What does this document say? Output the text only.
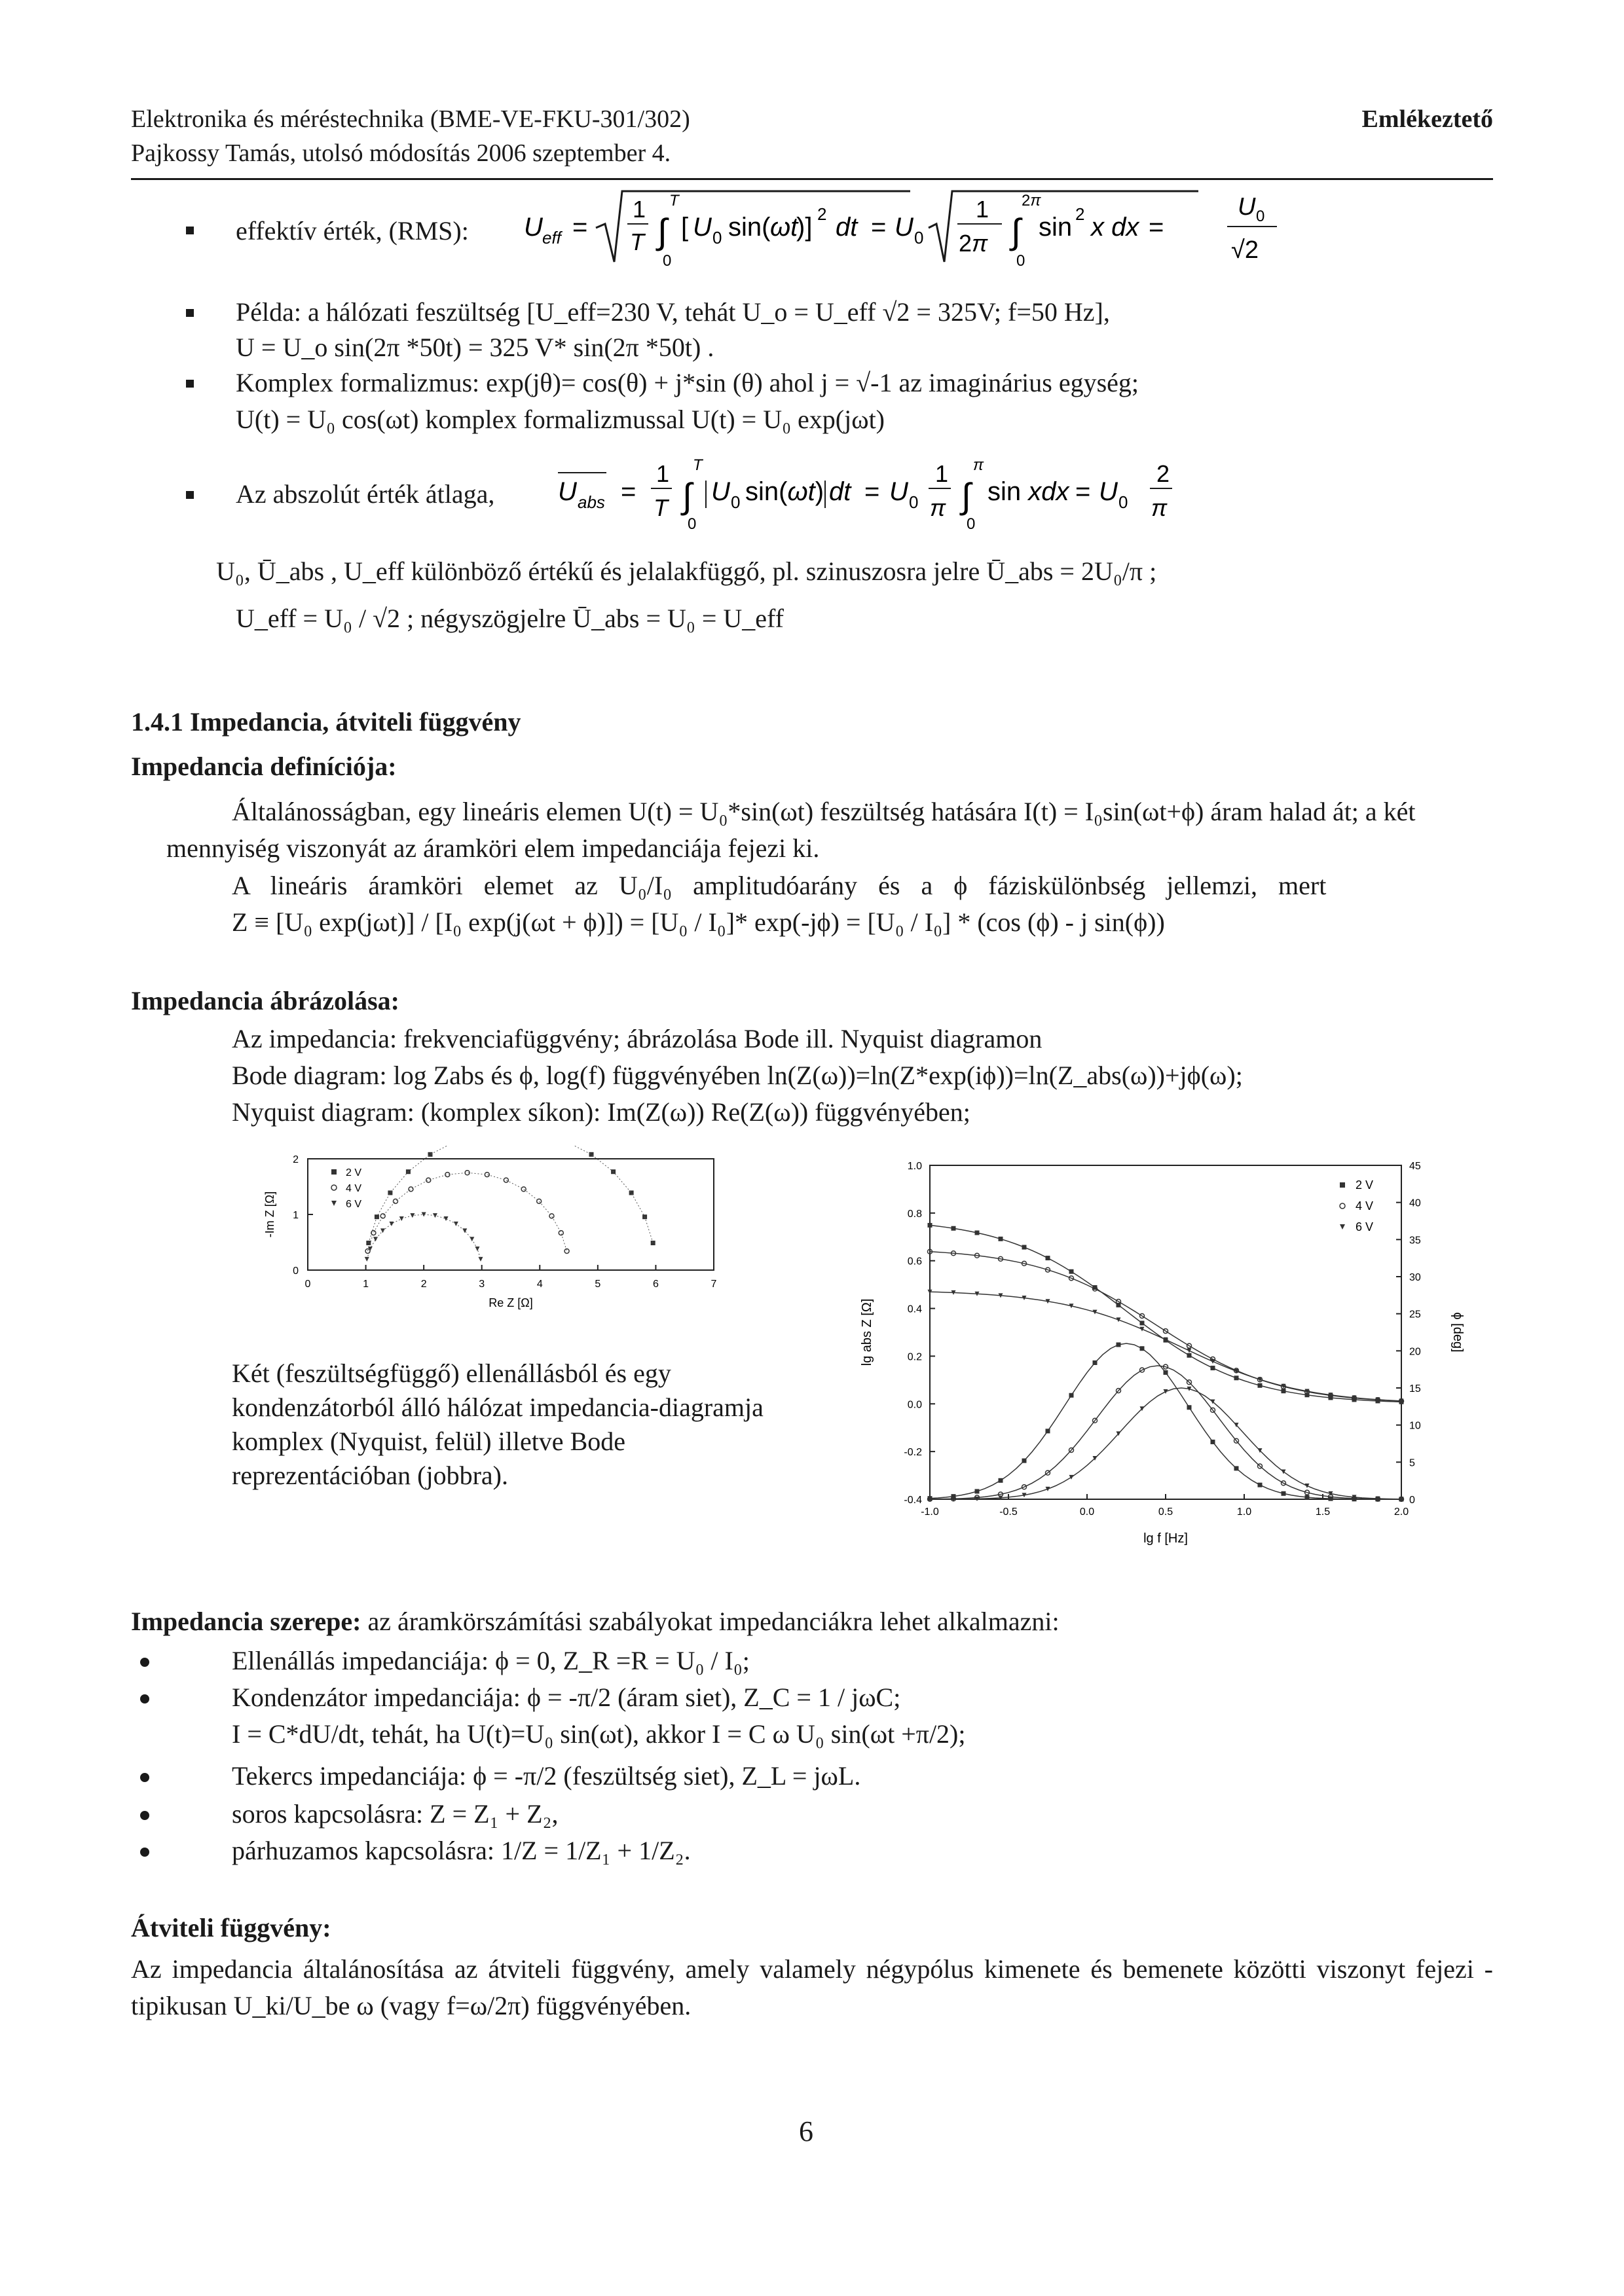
Elektronika és méréstechnika (BME-VE-FKU-301/302)
Pajkossy Tamás, utolsó módosítás 2006 szeptember 4.
Emlékeztető
effektív érték, (RMS): U eff =
1
T ∫
T
0
[ U 0 sin( ωt
)] 2 dt = U 0
1
2π ∫
2π
0
sin 2 x dx =
U 0
√2
Példa: a hálózati feszültség [U_eff=230 V, tehát U_o = U_eff √2 = 325V; f=50 Hz],
U = U_o sin(2π *50t) = 325 V* sin(2π *50t) .
Komplex formalizmus: exp(jθ)= cos(θ) + j*sin (θ) ahol j = √-1 az imaginárius egység;
U(t) = U₀ cos(ωt) komplex formalizmussal U(t) = U₀ exp(jωt)
Az abszolút érték átlaga, U abs =
1
T ∫
T
0
U 0 sin(ωt) dt = U 0
1
π ∫
π
0
sin xdx = U 0
2
π
U₀, Ū_abs , U_eff különböző értékű és jelalakfüggő, pl. szinuszosra jelre Ū_abs = 2U₀/π ;
U_eff = U₀ / √2 ; négyszögjelre Ū_abs = U₀ = U_eff
1.4.1 Impedancia, átviteli függvény
Impedancia definíciója:
Általánosságban, egy lineáris elemen U(t) = U₀*sin(ωt) feszültség hatására I(t) = I₀sin(ωt+ϕ) áram halad át; a két mennyiség viszonyát az áramköri elem impedanciája fejezi ki.
A lineáris áramköri elemet az U₀/I₀ amplitudóarány és a ϕ fáziskülönbség jellemzi, mert
Z ≡ [U₀ exp(jωt)] / [I₀ exp(j(ωt + ϕ)]) = [U₀ / I₀]* exp(-jϕ) = [U₀ / I₀] * (cos (ϕ) - j sin(ϕ))
Impedancia ábrázolása:
Az impedancia: frekvenciafüggvény; ábrázolása Bode ill. Nyquist diagramon
Bode diagram: log Zabs és ϕ, log(f) függvényében ln(Z(ω))=ln(Z*exp(iϕ))=ln(Z_abs(ω))+jϕ(ω);
Nyquist diagram: (komplex síkon): Im(Z(ω)) Re(Z(ω)) függvényében;
0	1	2	3	4	5	6	7
0
1
2
Re Z [Ω]
-Im Z [Ω]
2 V
4 V
6 V
-1.0	-0.5	0.0	0.5	1.0	1.5	2.0
-0.4
-0.2
0.0
0.2
0.4
0.6
0.8
1.0
0
5
10
15
20
25
30
35
40
45
lg f [Hz]
lg abs Z [Ω]	ϕ [deg]
2 V
4 V
6 V
Két (feszültségfüggő) ellenállásból és egy kondenzátorból álló hálózat impedancia-diagramja komplex (Nyquist, felül) illetve Bode reprezentációban (jobbra).
Impedancia szerepe: az áramkörszámítási szabályokat impedanciákra lehet alkalmazni:
Ellenállás impedanciája: ϕ = 0, Z_R =R = U₀ / I₀;
Kondenzátor impedanciája: ϕ = -π/2 (áram siet), Z_C = 1 / jωC;
I = C*dU/dt, tehát, ha U(t)=U₀ sin(ωt), akkor I = C ω U₀ sin(ωt +π/2);
Tekercs impedanciája: ϕ = -π/2 (feszültség siet), Z_L = jωL.
soros kapcsolásra: Z = Z₁ + Z₂,
párhuzamos kapcsolásra: 1/Z = 1/Z₁ + 1/Z₂.
Átviteli függvény:
Az impedancia általánosítása az átviteli függvény, amely valamely négypólus kimenete és bemenete közötti viszonyt fejezi - tipikusan U_ki/U_be ω (vagy f=ω/2π) függvényében.
6
